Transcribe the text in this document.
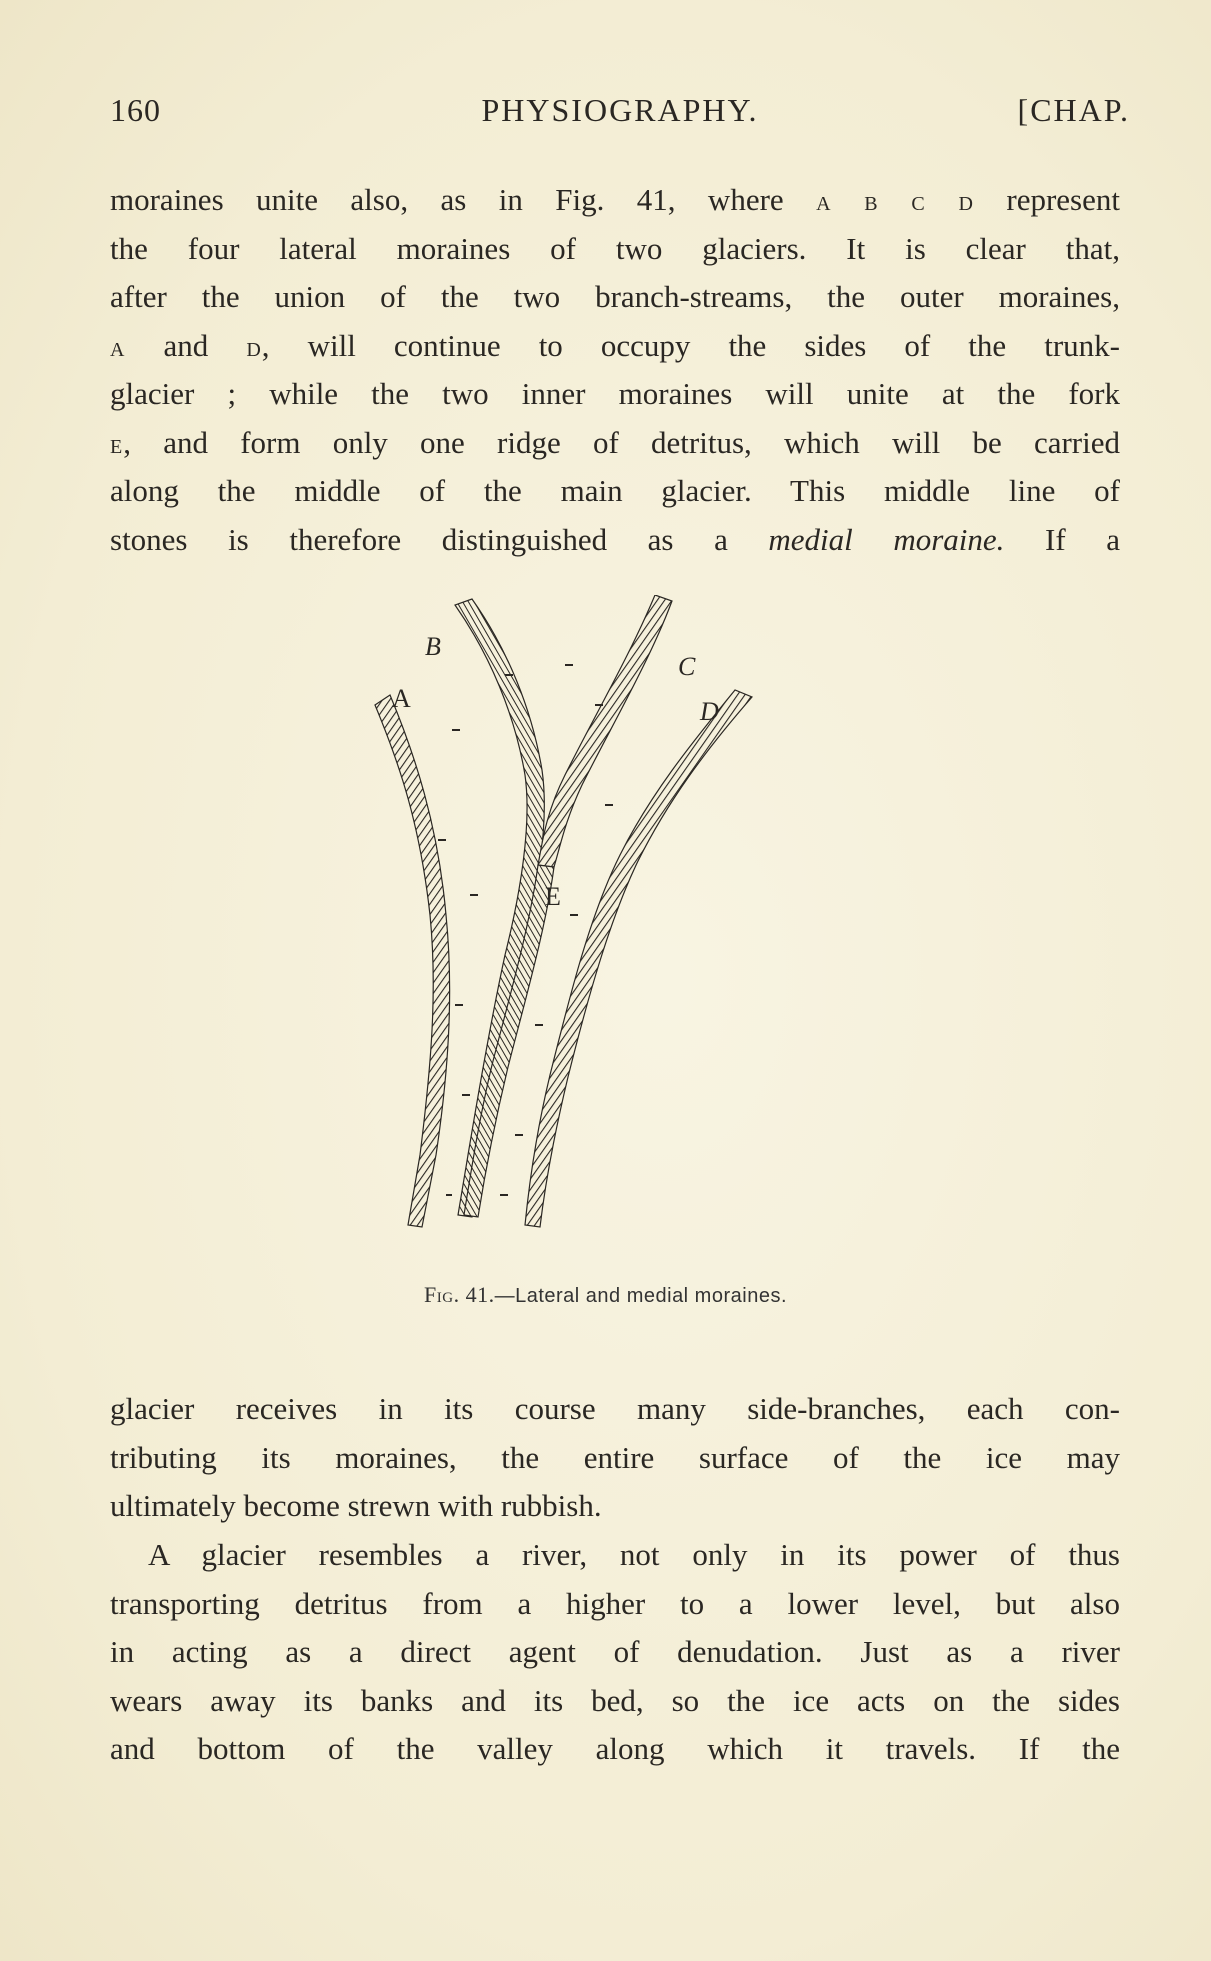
160	PHYSIOGRAPHY.	[CHAP.
moraines unite also, as in Fig. 41, where a b c d represent
the four lateral moraines of two glaciers. It is clear that,
after the union of the two branch-streams, the outer moraines,
a and d, will continue to occupy the sides of the trunk-
glacier ; while the two inner moraines will unite at the fork
e, and form only one ridge of detritus, which will be carried
along the middle of the main glacier. This middle line of
stones is therefore distinguished as a medial moraine. If a
B
A
C
D
E
Fig. 41.—Lateral and medial moraines.
glacier receives in its course many side-branches, each con-
tributing its moraines, the entire surface of the ice may
ultimately become strewn with rubbish.
A glacier resembles a river, not only in its power of thus
transporting detritus from a higher to a lower level, but also
in acting as a direct agent of denudation. Just as a river
wears away its banks and its bed, so the ice acts on the sides
and bottom of the valley along which it travels. If the
